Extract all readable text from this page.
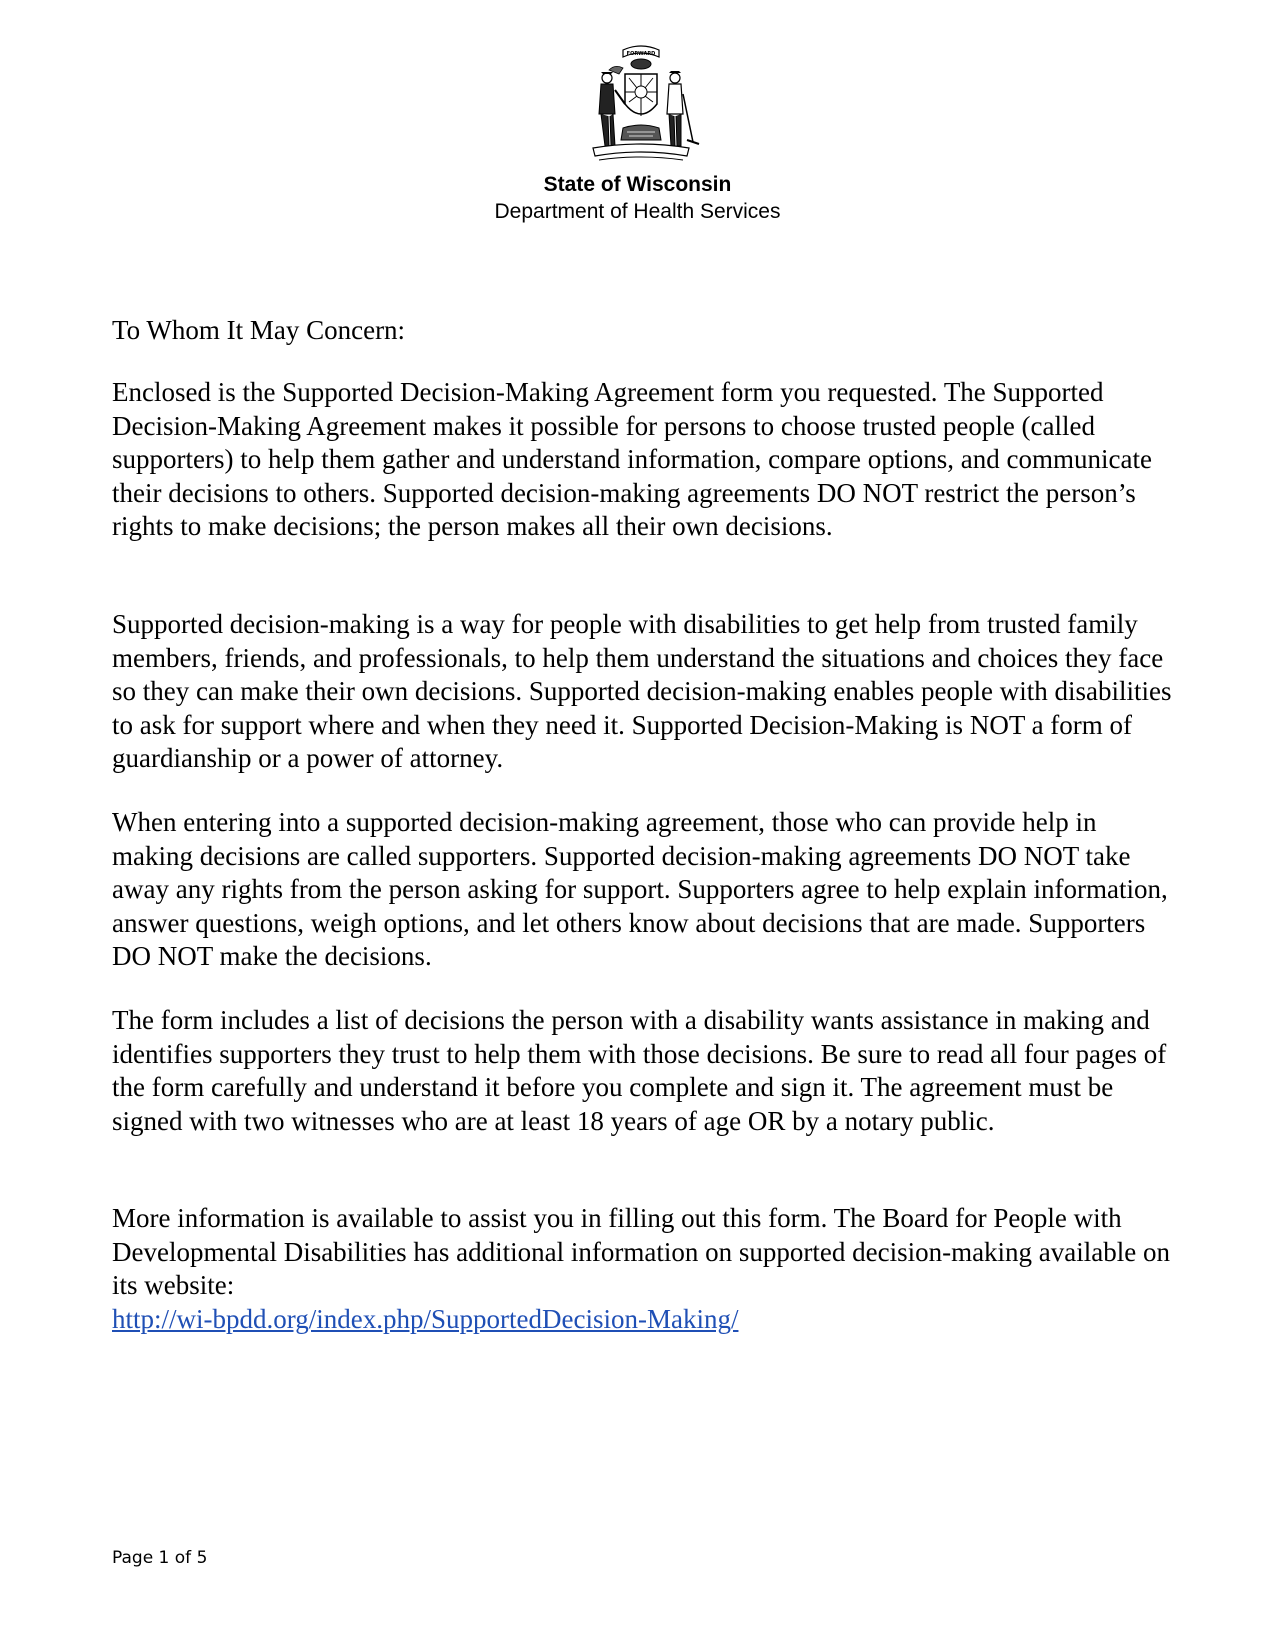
FORWARD
State of Wisconsin
Department of Health Services

To Whom It May Concern:

Enclosed is the Supported Decision-Making Agreement form you requested. The Supported Decision-Making Agreement makes it possible for persons to choose trusted people (called supporters) to help them gather and understand information, compare options, and communicate their decisions to others. Supported decision-making agreements DO NOT restrict the person’s rights to make decisions; the person makes all their own decisions.

Supported decision-making is a way for people with disabilities to get help from trusted family members, friends, and professionals, to help them understand the situations and choices they face so they can make their own decisions. Supported decision-making enables people with disabilities to ask for support where and when they need it. Supported Decision-Making is NOT a form of guardianship or a power of attorney.

When entering into a supported decision-making agreement, those who can provide help in making decisions are called supporters. Supported decision-making agreements DO NOT take away any rights from the person asking for support. Supporters agree to help explain information, answer questions, weigh options, and let others know about decisions that are made. Supporters DO NOT make the decisions.

The form includes a list of decisions the person with a disability wants assistance in making and identifies supporters they trust to help them with those decisions. Be sure to read all four pages of the form carefully and understand it before you complete and sign it. The agreement must be signed with two witnesses who are at least 18 years of age OR by a notary public.

More information is available to assist you in filling out this form. The Board for People with Developmental Disabilities has additional information on supported decision-making available on its website:
http://wi-bpdd.org/index.php/SupportedDecision-Making/
Page 1 of 5
